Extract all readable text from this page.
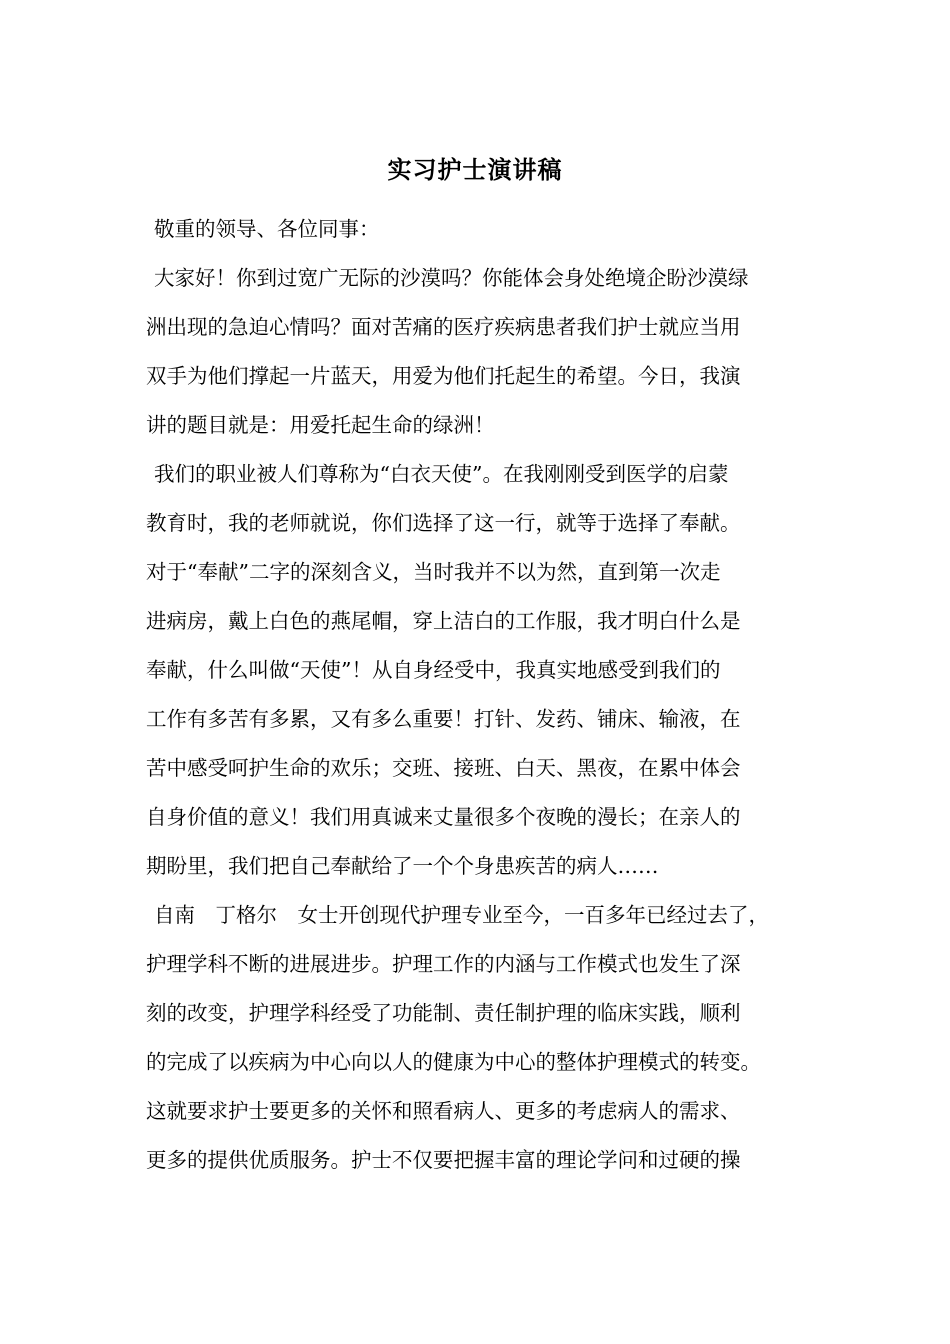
实习护士演讲稿
敬重的领导、各位同事：
大家好！你到过宽广无际的沙漠吗？你能体会身处绝境企盼沙漠绿
洲出现的急迫心情吗？面对苦痛的医疗疾病患者我们护士就应当用
双手为他们撑起一片蓝天，用爱为他们托起生的希望。今日，我演
讲的题目就是：用爱托起生命的绿洲！
我们的职业被人们尊称为“白衣天使”。在我刚刚受到医学的启蒙
教育时，我的老师就说，你们选择了这一行，就等于选择了奉献。
对于“奉献”二字的深刻含义，当时我并不以为然，直到第一次走
进病房，戴上白色的燕尾帽，穿上洁白的工作服，我才明白什么是
奉献，什么叫做“天使”！从自身经受中，我真实地感受到我们的
工作有多苦有多累，又有多么重要！打针、发药、铺床、输液，在
苦中感受呵护生命的欢乐；交班、接班、白天、黑夜，在累中体会
自身价值的意义！我们用真诚来丈量很多个夜晚的漫长；在亲人的
期盼里，我们把自己奉献给了一个个身患疾苦的病人……
自南　丁格尔　女士开创现代护理专业至今，一百多年已经过去了，
护理学科不断的进展进步。护理工作的内涵与工作模式也发生了深
刻的改变，护理学科经受了功能制、责任制护理的临床实践，顺利
的完成了以疾病为中心向以人的健康为中心的整体护理模式的转变。
这就要求护士要更多的关怀和照看病人、更多的考虑病人的需求、
更多的提供优质服务。护士不仅要把握丰富的理论学问和过硬的操
